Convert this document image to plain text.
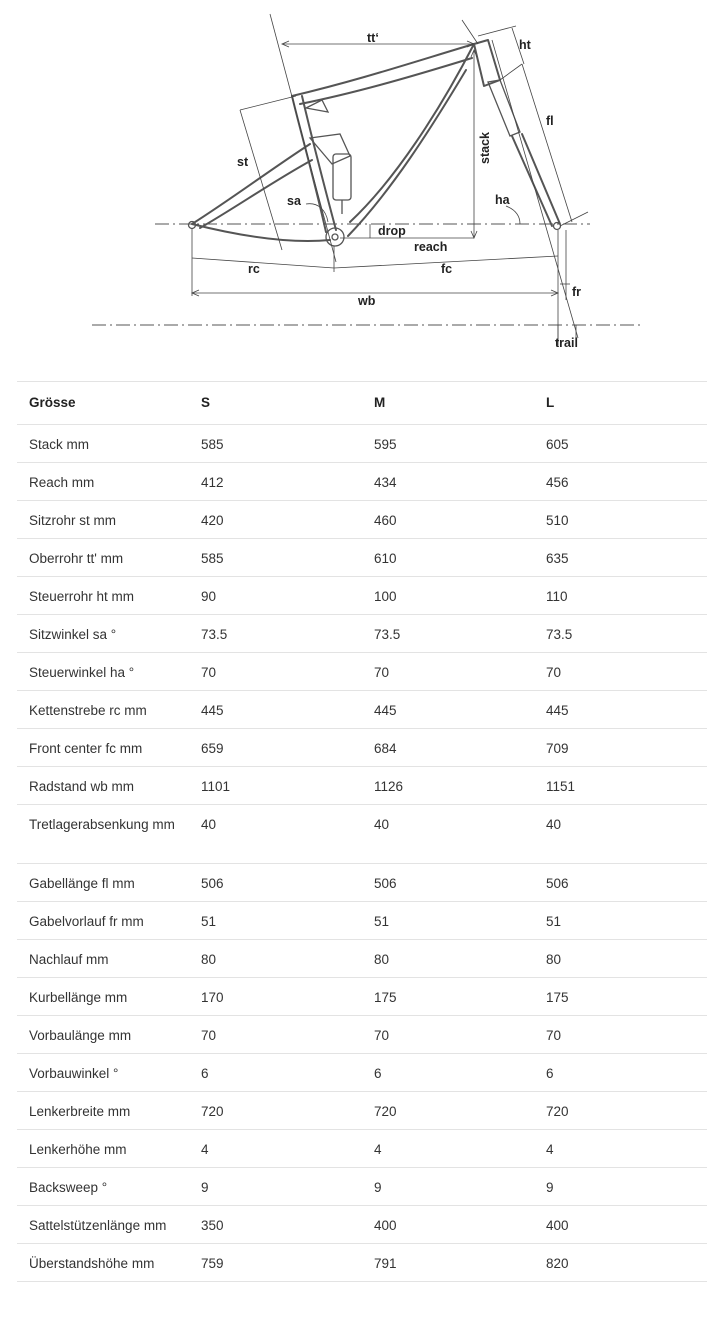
tt‘	ht
fl
st	stack
sa	ha
drop
reach
rc	fc
wb
fr
trail
Grösse	S	M	L
Stack mm	585	595	605
Reach mm	412	434	456
Sitzrohr st mm	420	460	510
Oberrohr tt' mm	585	610	635
Steuerrohr ht mm	90	100	110
Sitzwinkel sa °	73.5	73.5	73.5
Steuerwinkel ha °	70	70	70
Kettenstrebe rc mm	445	445	445
Front center fc mm	659	684	709
Radstand wb mm	1101	1126	1151
Tretlagerabsenkung mm	40	40	40
Gabellänge fl mm	506	506	506
Gabelvorlauf fr mm	51	51	51
Nachlauf mm	80	80	80
Kurbellänge mm	170	175	175
Vorbaulänge mm	70	70	70
Vorbauwinkel °	6	6	6
Lenkerbreite mm	720	720	720
Lenkerhöhe mm	4	4	4
Backsweep °	9	9	9
Sattelstützenlänge mm	350	400	400
Überstandshöhe mm	759	791	820
